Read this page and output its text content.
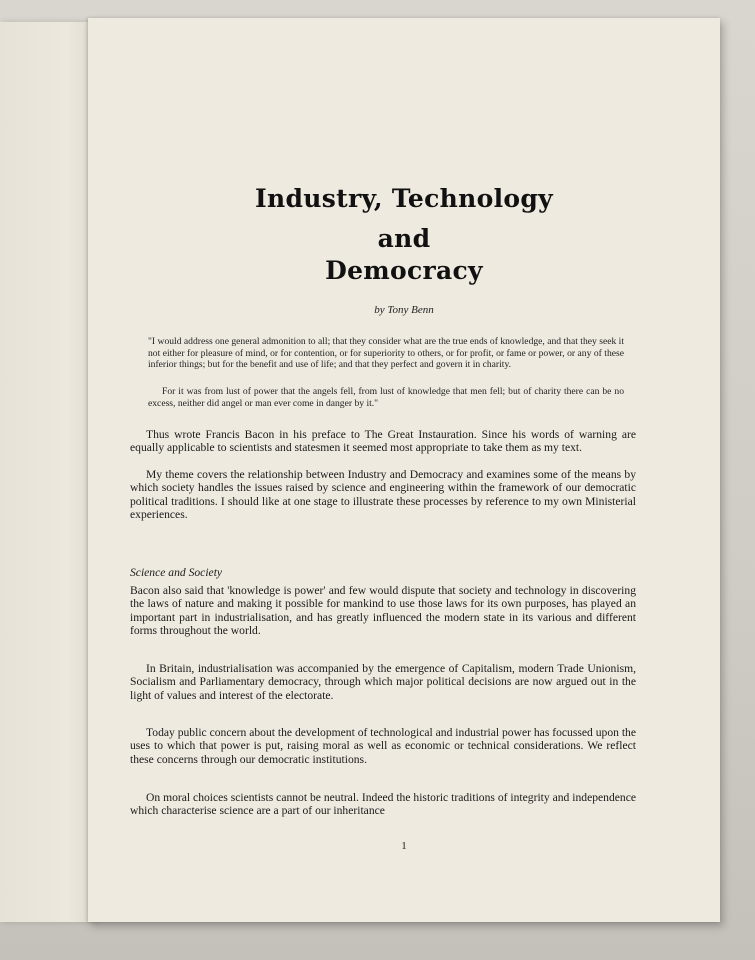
Industry, Technology
and
Democracy
by Tony Benn
"I would address one general admonition to all; that they consider what are the true ends of knowledge, and that they seek it not either for pleasure of mind, or for contention, or for superiority to others, or for profit, or fame or power, or any of these inferior things; but for the benefit and use of life; and that they perfect and govern it in charity.
For it was from lust of power that the angels fell, from lust of knowledge that men fell; but of charity there can be no excess, neither did angel or man ever come in danger by it."
Thus wrote Francis Bacon in his preface to The Great Instauration. Since his words of warning are equally applicable to scientists and statesmen it seemed most appropriate to take them as my text.
My theme covers the relationship between Industry and Democracy and examines some of the means by which society handles the issues raised by science and engineering within the framework of our democratic political traditions. I should like at one stage to illustrate these processes by reference to my own Ministerial experiences.
Science and Society
Bacon also said that 'knowledge is power' and few would dispute that society and technology in discovering the laws of nature and making it possible for mankind to use those laws for its own purposes, has played an important part in industrialisation, and has greatly influenced the modern state in its various and different forms throughout the world.
In Britain, industrialisation was accompanied by the emergence of Capitalism, modern Trade Unionism, Socialism and Parliamentary democracy, through which major political decisions are now argued out in the light of values and interest of the electorate.
Today public concern about the development of technological and industrial power has focussed upon the uses to which that power is put, raising moral as well as economic or technical considerations. We reflect these concerns through our democratic institutions.
On moral choices scientists cannot be neutral. Indeed the historic traditions of integrity and independence which characterise science are a part of our inheritance
1
